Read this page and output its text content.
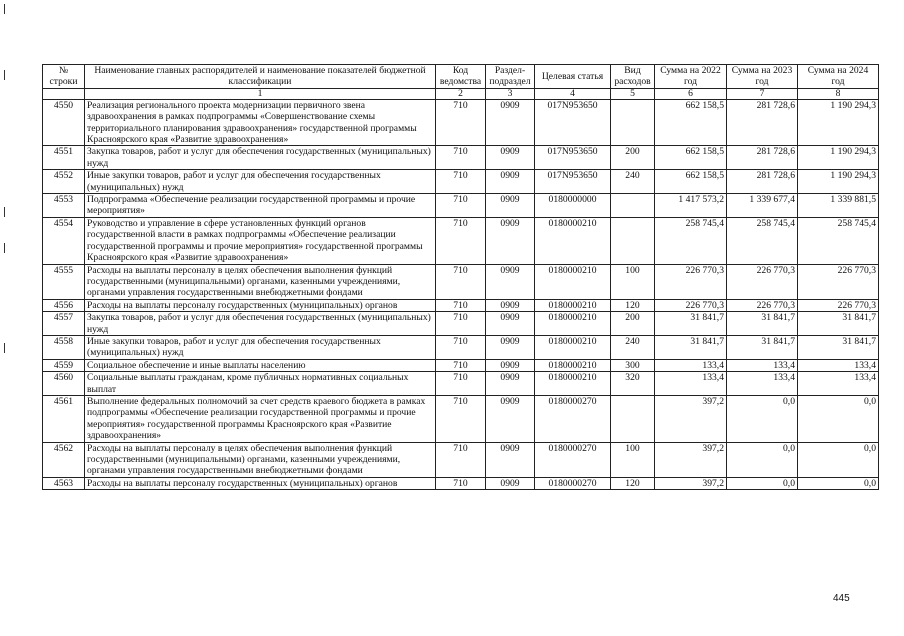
№ строки	Наименование главных распорядителей и наименование показателей бюджетной классификации	Код ведомства	Раздел-подраздел	Целевая статья	Вид расходов	Сумма на 2022 год	Сумма на 2023 год	Сумма на 2024 год
	1	2	3	4	5	6	7	8
4550	Реализация регионального проекта модернизации первичного звена здравоохранения в рамках подпрограммы «Совершенствование схемы территориального планирования здравоохранения» государственной программы Красноярского края «Развитие здравоохранения»	710	0909	017N953650		662 158,5	281 728,6	1 190 294,3
4551	Закупка товаров, работ и услуг для обеспечения государственных (муниципальных) нужд	710	0909	017N953650	200	662 158,5	281 728,6	1 190 294,3
4552	Иные закупки товаров, работ и услуг для обеспечения государственных (муниципальных) нужд	710	0909	017N953650	240	662 158,5	281 728,6	1 190 294,3
4553	Подпрограмма «Обеспечение реализации государственной программы и прочие мероприятия»	710	0909	0180000000		1 417 573,2	1 339 677,4	1 339 881,5
4554	Руководство и управление в сфере установленных функций органов государственной власти в рамках подпрограммы «Обеспечение реализации государственной программы и прочие мероприятия» государственной программы Красноярского края «Развитие здравоохранения»	710	0909	0180000210		258 745,4	258 745,4	258 745,4
4555	Расходы на выплаты персоналу в целях обеспечения выполнения функций государственными (муниципальными) органами, казенными учреждениями, органами управления государственными внебюджетными фондами	710	0909	0180000210	100	226 770,3	226 770,3	226 770,3
4556	Расходы на выплаты персоналу государственных (муниципальных) органов	710	0909	0180000210	120	226 770,3	226 770,3	226 770,3
4557	Закупка товаров, работ и услуг для обеспечения государственных (муниципальных) нужд	710	0909	0180000210	200	31 841,7	31 841,7	31 841,7
4558	Иные закупки товаров, работ и услуг для обеспечения государственных (муниципальных) нужд	710	0909	0180000210	240	31 841,7	31 841,7	31 841,7
4559	Социальное обеспечение и иные выплаты населению	710	0909	0180000210	300	133,4	133,4	133,4
4560	Социальные выплаты гражданам, кроме публичных нормативных социальных выплат	710	0909	0180000210	320	133,4	133,4	133,4
4561	Выполнение федеральных полномочий за счет средств краевого бюджета в рамках подпрограммы «Обеспечение реализации государственной программы и прочие мероприятия» государственной программы Красноярского края «Развитие здравоохранения»	710	0909	0180000270		397,2	0,0	0,0
4562	Расходы на выплаты персоналу в целях обеспечения выполнения функций государственными (муниципальными) органами, казенными учреждениями, органами управления государственными внебюджетными фондами	710	0909	0180000270	100	397,2	0,0	0,0
4563	Расходы на выплаты персоналу государственных (муниципальных) органов	710	0909	0180000270	120	397,2	0,0	0,0
445
